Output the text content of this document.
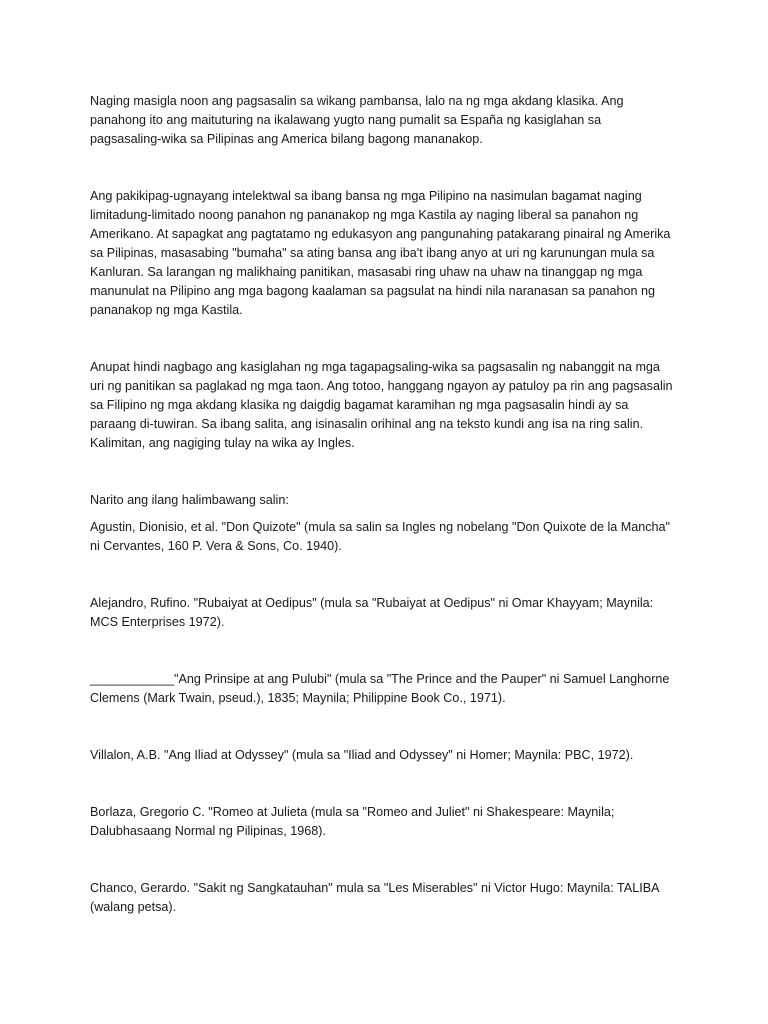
Naging masigla noon ang pagsasalin sa wikang pambansa, lalo na ng mga akdang klasika. Ang panahong ito ang maituturing na ikalawang yugto nang pumalit sa España ng kasiglahan sa pagsasaling-wika sa Pilipinas ang America bilang bagong mananakop.

Ang pakikipag-ugnayang intelektwal sa ibang bansa ng mga Pilipino na nasimulan bagamat naging limitadung-limitado noong panahon ng pananakop ng mga Kastila ay naging liberal sa panahon ng Amerikano. At sapagkat ang pagtatamo ng edukasyon ang pangunahing patakarang pinairal ng Amerika sa Pilipinas, masasabing "bumaha" sa ating bansa ang iba't ibang anyo at uri ng karunungan mula sa Kanluran. Sa larangan ng malikhaing panitikan, masasabi ring uhaw na uhaw na tinanggap ng mga manunulat na Pilipino ang mga bagong kaalaman sa pagsulat na hindi nila naranasan sa panahon ng pananakop ng mga Kastila.

Anupat hindi nagbago ang kasiglahan ng mga tagapagsaling-wika sa pagsasalin ng nabanggit na mga uri ng panitikan sa paglakad ng mga taon. Ang totoo, hanggang ngayon ay patuloy pa rin ang pagsasalin sa Filipino ng mga akdang klasika ng daigdig bagamat karamihan ng mga pagsasalin hindi ay sa paraang di-tuwiran. Sa ibang salita, ang isinasalin orihinal ang na teksto kundi ang isa na ring salin. Kalimitan, ang nagiging tulay na wika ay Ingles.

Narito ang ilang halimbawang salin:

Agustin, Dionisio, et al. "Don Quizote" (mula sa salin sa Ingles ng nobelang "Don Quixote de la Mancha" ni Cervantes, 160 P. Vera & Sons, Co. 1940).

Alejandro, Rufino. "Rubaiyat at Oedipus" (mula sa "Rubaiyat at Oedipus" ni Omar Khayyam; Maynila: MCS Enterprises 1972).

____________"Ang Prinsipe at ang Pulubi" (mula sa "The Prince and the Pauper" ni Samuel Langhorne Clemens (Mark Twain, pseud.), 1835; Maynila; Philippine Book Co., 1971).

Villalon, A.B. "Ang Iliad at Odyssey" (mula sa "Iliad and Odyssey" ni Homer; Maynila: PBC, 1972).

Borlaza, Gregorio C. "Romeo at Julieta (mula sa "Romeo and Juliet" ni Shakespeare: Maynila; Dalubhasaang Normal ng Pilipinas, 1968).

Chanco, Gerardo. "Sakit ng Sangkatauhan" mula sa "Les Miserables" ni Victor Hugo: Maynila: TALIBA (walang petsa).
